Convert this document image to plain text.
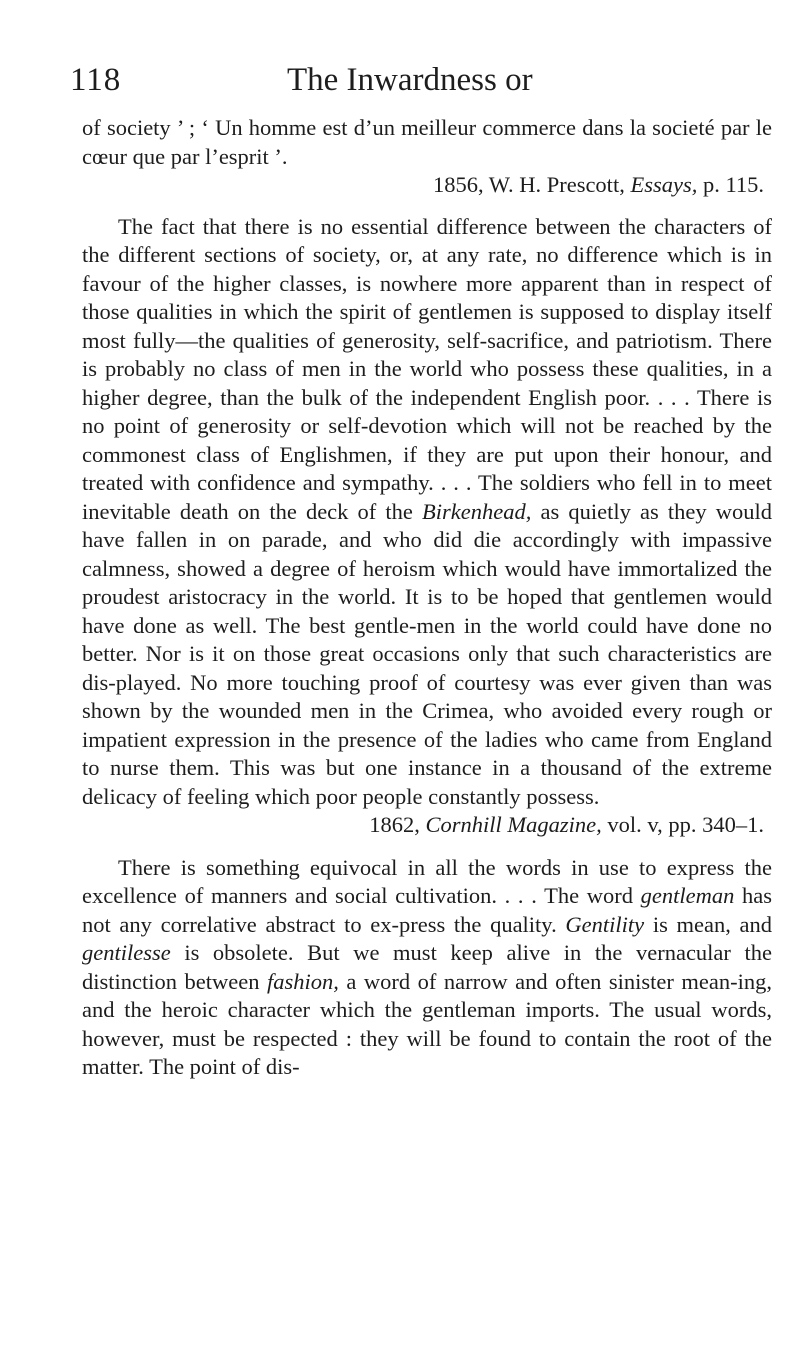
118	The Inwardness or

of society ’ ; ‘ Un homme est d’un meilleur commerce dans la societé par le cœur que par l’esprit ’.

1856, W. H. Prescott, Essays, p. 115.

The fact that there is no essential difference between the characters of the different sections of society, or, at any rate, no difference which is in favour of the higher classes, is nowhere more apparent than in respect of those qualities in which the spirit of gentlemen is supposed to display itself most fully—the qualities of generosity, self-sacrifice, and patriotism. There is probably no class of men in the world who possess these qualities, in a higher degree, than the bulk of the independent English poor. . . . There is no point of generosity or self-devotion which will not be reached by the commonest class of Englishmen, if they are put upon their honour, and treated with confidence and sympathy. . . . The soldiers who fell in to meet inevitable death on the deck of the Birkenhead, as quietly as they would have fallen in on parade, and who did die accordingly with impassive calmness, showed a degree of heroism which would have immortalized the proudest aristocracy in the world. It is to be hoped that gentlemen would have done as well. The best gentle-men in the world could have done no better. Nor is it on those great occasions only that such characteristics are dis-played. No more touching proof of courtesy was ever given than was shown by the wounded men in the Crimea, who avoided every rough or impatient expression in the presence of the ladies who came from England to nurse them. This was but one instance in a thousand of the extreme delicacy of feeling which poor people constantly possess.

1862, Cornhill Magazine, vol. v, pp. 340–1.

There is something equivocal in all the words in use to express the excellence of manners and social cultivation. . . . The word gentleman has not any correlative abstract to ex-press the quality. Gentility is mean, and gentilesse is obsolete. But we must keep alive in the vernacular the distinction between fashion, a word of narrow and often sinister mean-ing, and the heroic character which the gentleman imports. The usual words, however, must be respected : they will be found to contain the root of the matter. The point of dis-
